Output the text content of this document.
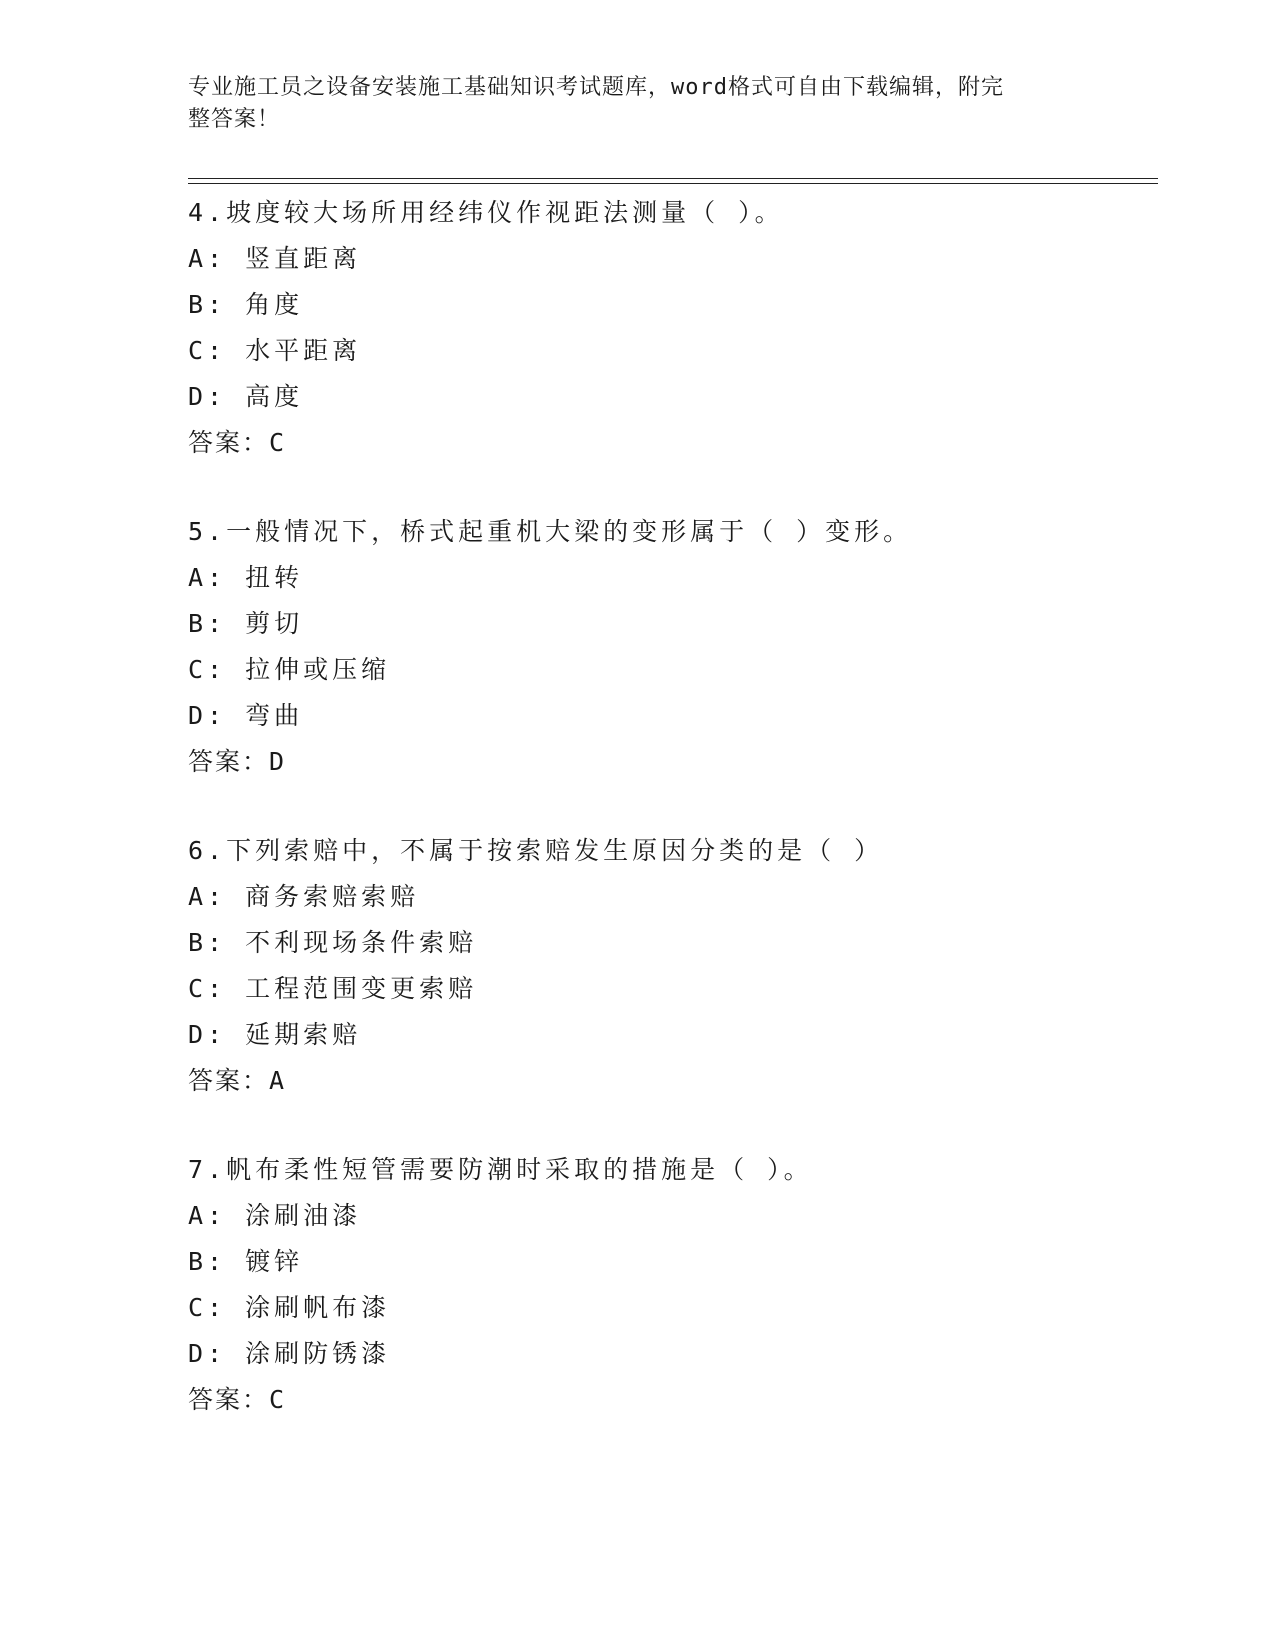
专业施工员之设备安装施工基础知识考试题库，word格式可自由下载编辑，附完
整答案！
4.坡度较大场所用经纬仪作视距法测量（ ）。
A: 竖直距离
B: 角度
C: 水平距离
D: 高度
答案：C
5.一般情况下，桥式起重机大梁的变形属于（ ）变形。
A: 扭转
B: 剪切
C: 拉伸或压缩
D: 弯曲
答案：D
6.下列索赔中，不属于按索赔发生原因分类的是（ ）
A: 商务索赔索赔
B: 不利现场条件索赔
C: 工程范围变更索赔
D: 延期索赔
答案：A
7.帆布柔性短管需要防潮时采取的措施是（ ）。
A: 涂刷油漆
B: 镀锌
C: 涂刷帆布漆
D: 涂刷防锈漆
答案：C
